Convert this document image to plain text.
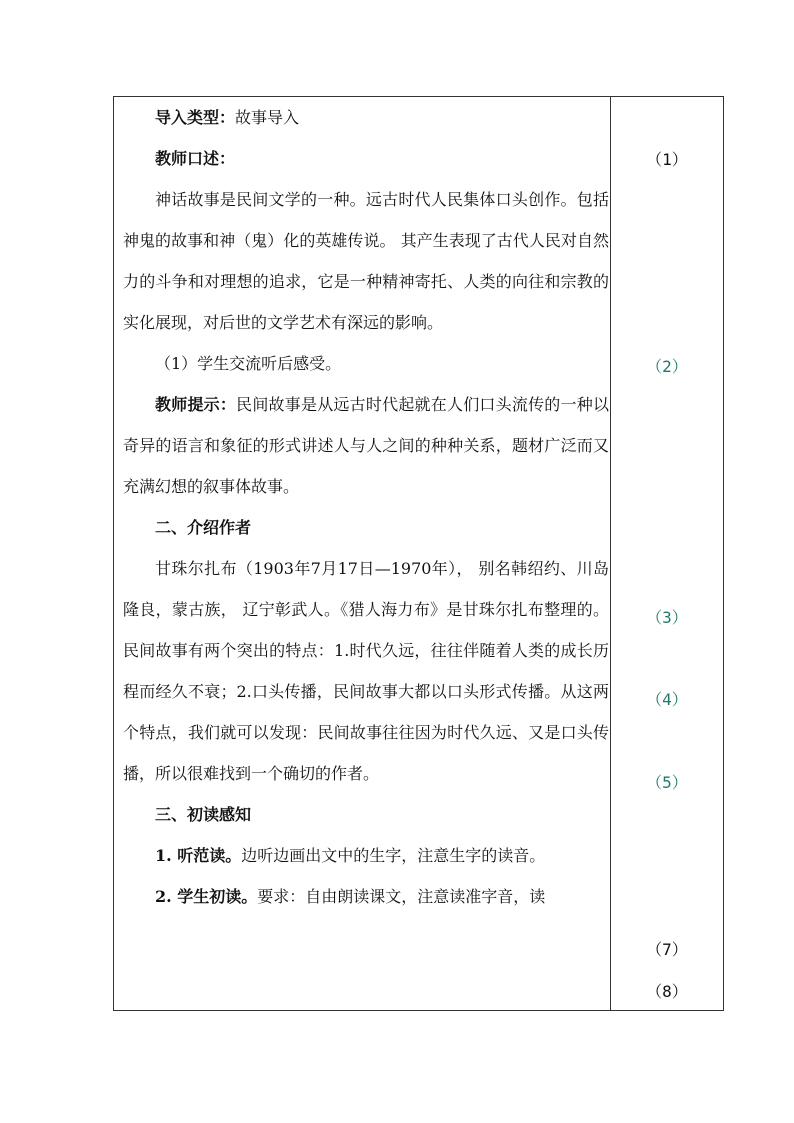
导入类型：故事导入

教师口述：

神话故事是民间文学的一种。远古时代人民集体口头创作。包括神鬼的故事和神（鬼）化的英雄传说。 其产生表现了古代人民对自然力的斗争和对理想的追求，它是一种精神寄托、人类的向往和宗教的实化展现，对后世的文学艺术有深远的影响。

（1）学生交流听后感受。

教师提示：民间故事是从远古时代起就在人们口头流传的一种以奇异的语言和象征的形式讲述人与人之间的种种关系，题材广泛而又充满幻想的叙事体故事。

二、介绍作者

甘珠尔扎布（1903年7月17日—1970年）， 别名韩绍约、川岛隆良，蒙古族， 辽宁彰武人。《猎人海力布》是甘珠尔扎布整理的。民间故事有两个突出的特点：1.时代久远，往往伴随着人类的成长历程而经久不衰；2.口头传播，民间故事大都以口头形式传播。从这两个特点，我们就可以发现：民间故事往往因为时代久远、又是口头传播，所以很难找到一个确切的作者。

三、初读感知

1. 听范读。边听边画出文中的生字，注意生字的读音。

2. 学生初读。要求：自由朗读课文，注意读准字音，读

（1）
（2）
（3）
（4）
（5）
（7）
（8）
